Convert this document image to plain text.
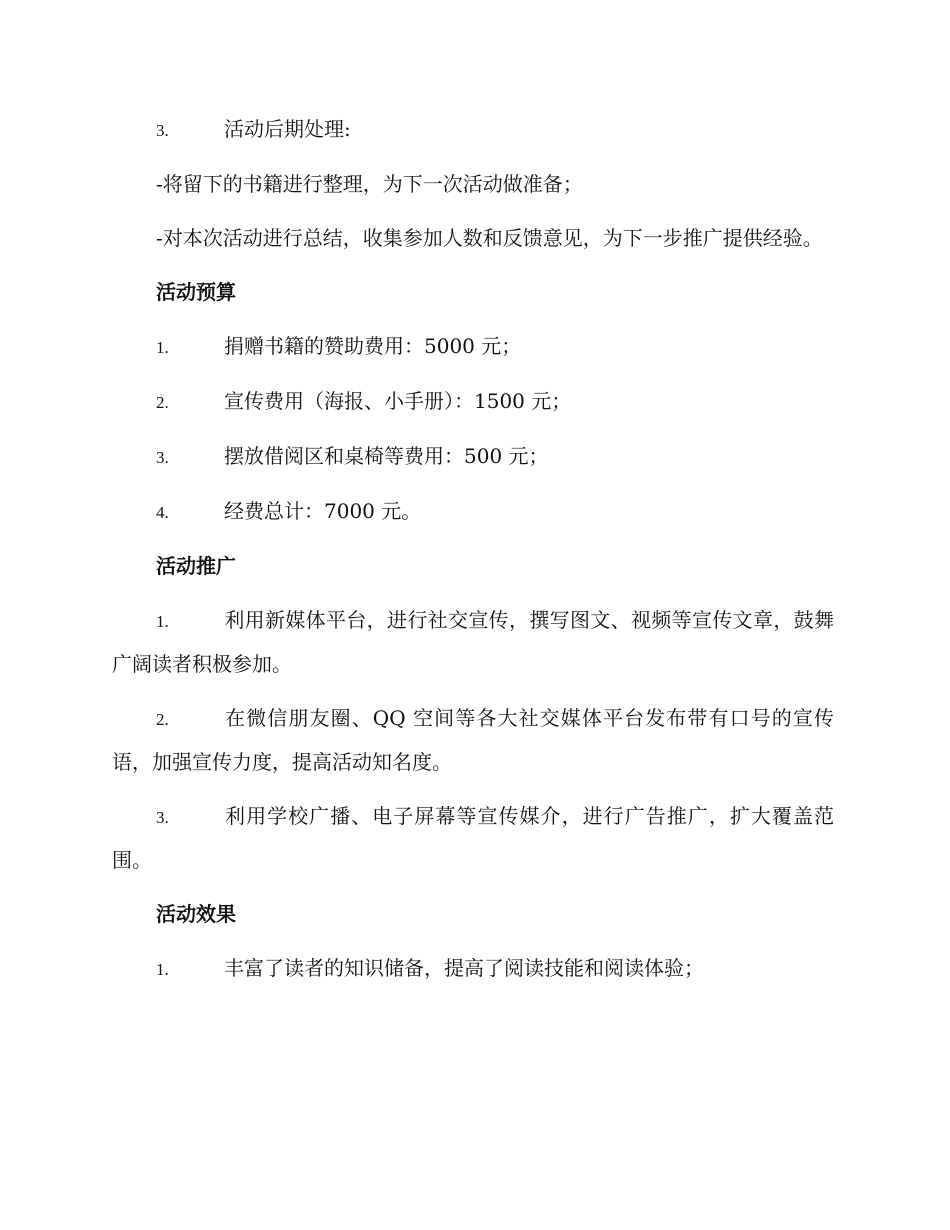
3.	活动后期处理:

-将留下的书籍进行整理，为下一次活动做准备；

-对本次活动进行总结，收集参加人数和反馈意见，为下一步推广提供经验。

活动预算
1.	捐赠书籍的赞助费用：5000 元；
2.	宣传费用（海报、小手册）：1500 元；
3.	摆放借阅区和桌椅等费用：500 元；
4.	经费总计：7000 元。
活动推广
1.	利用新媒体平台，进行社交宣传，撰写图文、视频等宣传文章，鼓舞广阔读者积极参加。
2.	在微信朋友圈、QQ 空间等各大社交媒体平台发布带有口号的宣传语，加强宣传力度，提高活动知名度。
3.	利用学校广播、电子屏幕等宣传媒介，进行广告推广，扩大覆盖范围。
活动效果
1.	丰富了读者的知识储备，提高了阅读技能和阅读体验；
